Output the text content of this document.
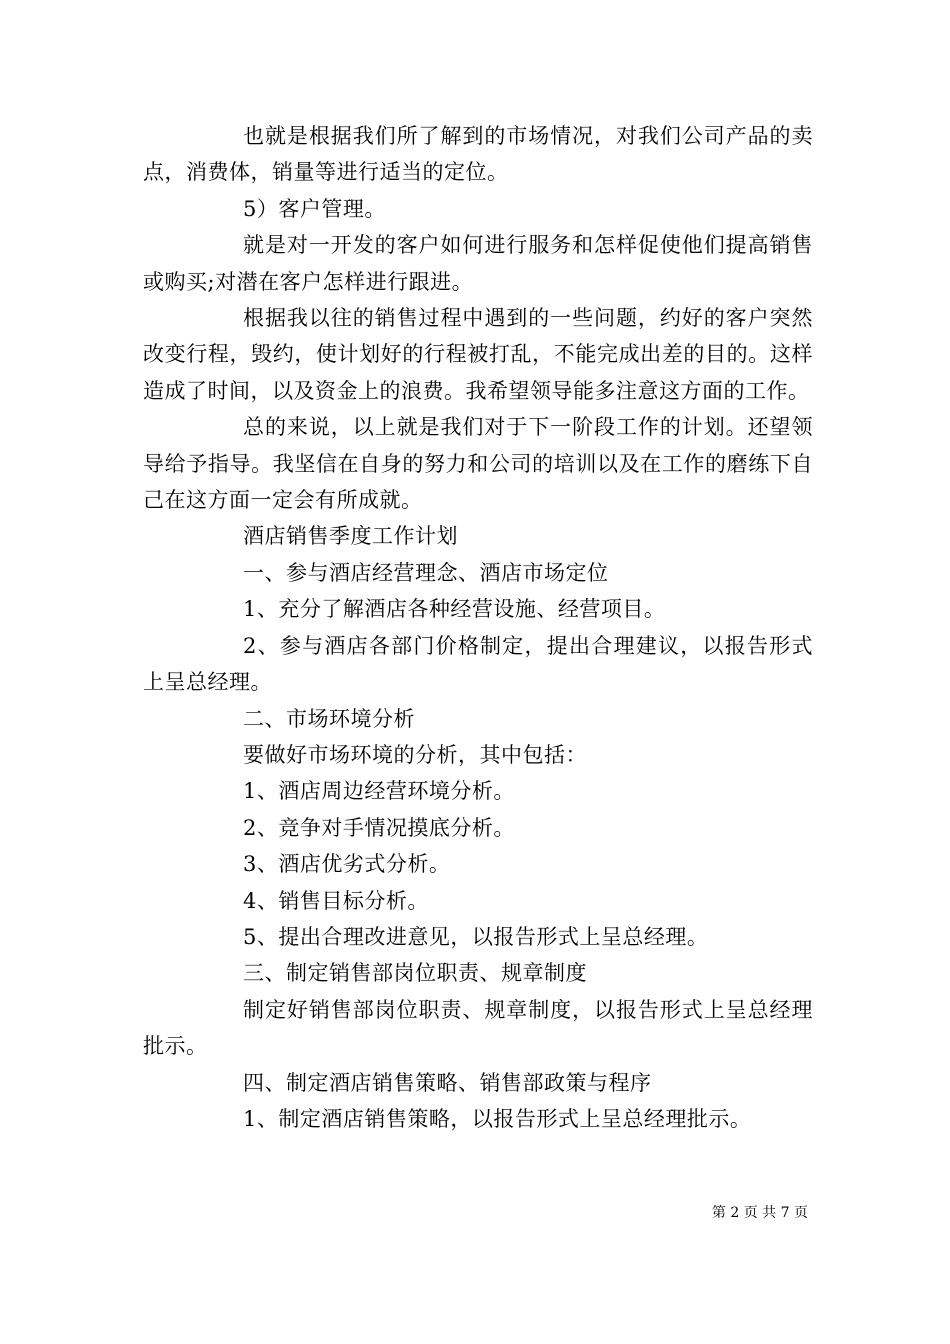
也就是根据我们所了解到的市场情况，对我们公司产品的卖点，消费体，销量等进行适当的定位。

5）客户管理。

就是对一开发的客户如何进行服务和怎样促使他们提高销售或购买;对潜在客户怎样进行跟进。

根据我以往的销售过程中遇到的一些问题，约好的客户突然改变行程，毁约，使计划好的行程被打乱，不能完成出差的目的。这样造成了时间，以及资金上的浪费。我希望领导能多注意这方面的工作。

总的来说，以上就是我们对于下一阶段工作的计划。还望领导给予指导。我坚信在自身的努力和公司的培训以及在工作的磨练下自己在这方面一定会有所成就。

酒店销售季度工作计划

一、参与酒店经营理念、酒店市场定位

1、充分了解酒店各种经营设施、经营项目。

2、参与酒店各部门价格制定，提出合理建议，以报告形式上呈总经理。

二、市场环境分析

要做好市场环境的分析，其中包括：

1、酒店周边经营环境分析。

2、竞争对手情况摸底分析。

3、酒店优劣式分析。

4、销售目标分析。

5、提出合理改进意见，以报告形式上呈总经理。

三、制定销售部岗位职责、规章制度

制定好销售部岗位职责、规章制度，以报告形式上呈总经理批示。

四、制定酒店销售策略、销售部政策与程序

1、制定酒店销售策略，以报告形式上呈总经理批示。

第 2 页 共 7 页
